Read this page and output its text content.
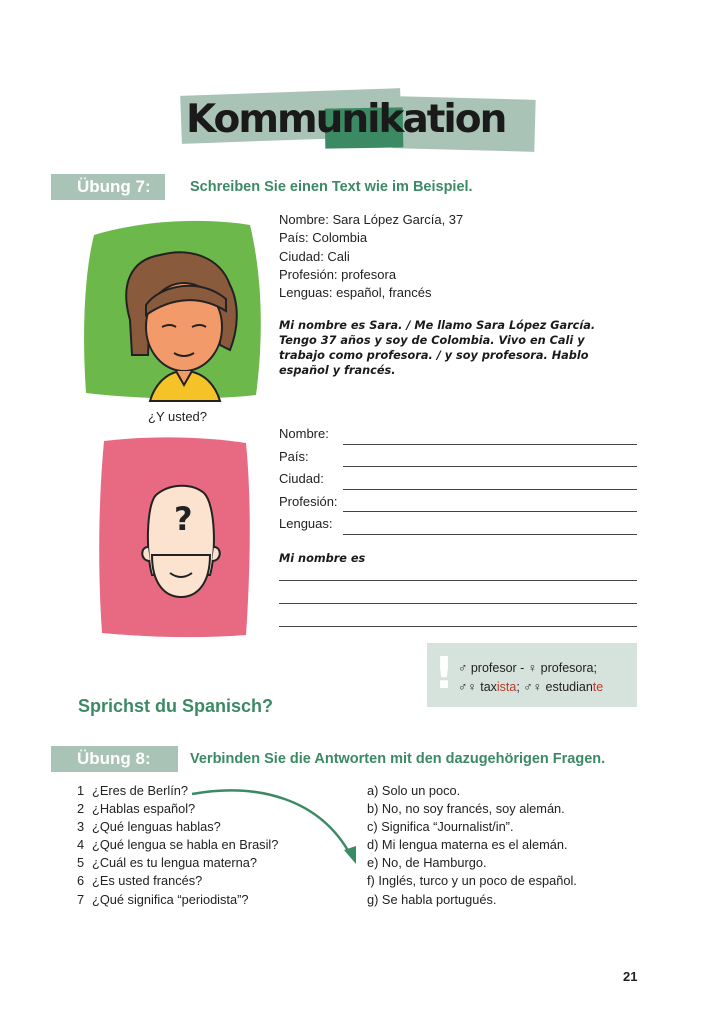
Kommunikation
Übung 7:	Schreiben Sie einen Text wie im Beispiel.
Nombre: Sara López García, 37
País: Colombia
Ciudad: Cali
Profesión: profesora
Lenguas: español, francés
Mi nombre es Sara. / Me llamo Sara López García. Tengo 37 años y soy de Colombia. Vivo en Cali y trabajo como profesora. / y soy profesora. Hablo español y francés.
¿Y usted?
?
Nombre:
País:
Ciudad:
Profesión:
Lenguas:
Mi nombre es
! ♂ profesor - ♀ profesora;
♂♀ taxista; ♂♀ estudiante
Sprichst du Spanisch?
Übung 8:	Verbinden Sie die Antworten mit den dazugehörigen Fragen.
1 ¿Eres de Berlín?
2 ¿Hablas español?
3 ¿Qué lenguas hablas?
4 ¿Qué lengua se habla en Brasil?
5 ¿Cuál es tu lengua materna?
6 ¿Es usted francés?
7 ¿Qué significa “periodista”?
a) Solo un poco.
b) No, no soy francés, soy alemán.
c) Significa “Journalist/in”.
d) Mi lengua materna es el alemán.
e) No, de Hamburgo.
f) Inglés, turco y un poco de español.
g) Se habla portugués.
21
